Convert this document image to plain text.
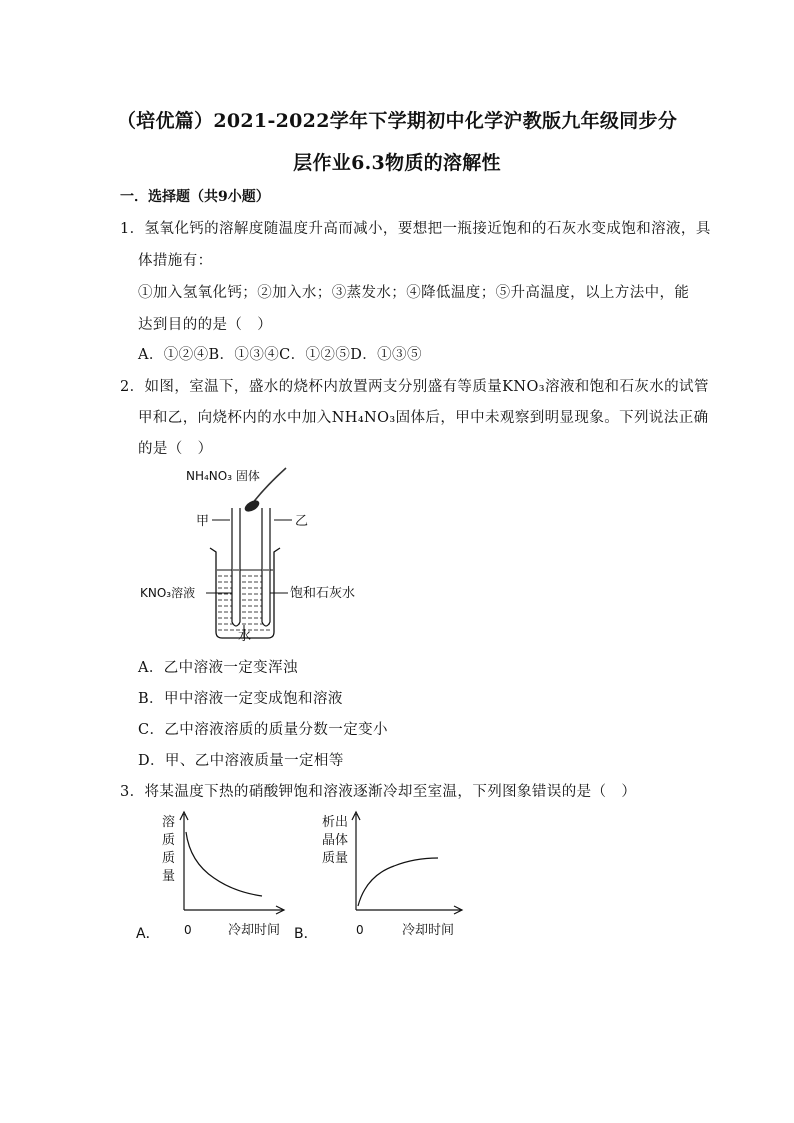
（培优篇）2021-2022学年下学期初中化学沪教版九年级同步分
层作业6.3物质的溶解性
一．选择题（共9小题）
1．氢氧化钙的溶解度随温度升高而减小，要想把一瓶接近饱和的石灰水变成饱和溶液，具
体措施有：
①加入氢氧化钙；②加入水；③蒸发水；④降低温度；⑤升高温度，以上方法中，能
达到目的的是（　）
A．①②④B．①③④C．①②⑤D．①③⑤
2．如图，室温下，盛水的烧杯内放置两支分别盛有等质量KNO₃溶液和饱和石灰水的试管
甲和乙，向烧杯内的水中加入NH₄NO₃固体后，甲中未观察到明显现象。下列说法正确
的是（　）
NH₄NO₃ 固体
甲	乙
KNO₃溶液	饱和石灰水
水
A．乙中溶液一定变浑浊
B．甲中溶液一定变成饱和溶液
C．乙中溶液溶质的质量分数一定变小
D．甲、乙中溶液质量一定相等
3．将某温度下热的硝酸钾饱和溶液逐渐冷却至室温，下列图象错误的是（　）
溶
质
质
量
A． 0	冷却时间 B．
析出
晶体
质量
0	冷却时间
